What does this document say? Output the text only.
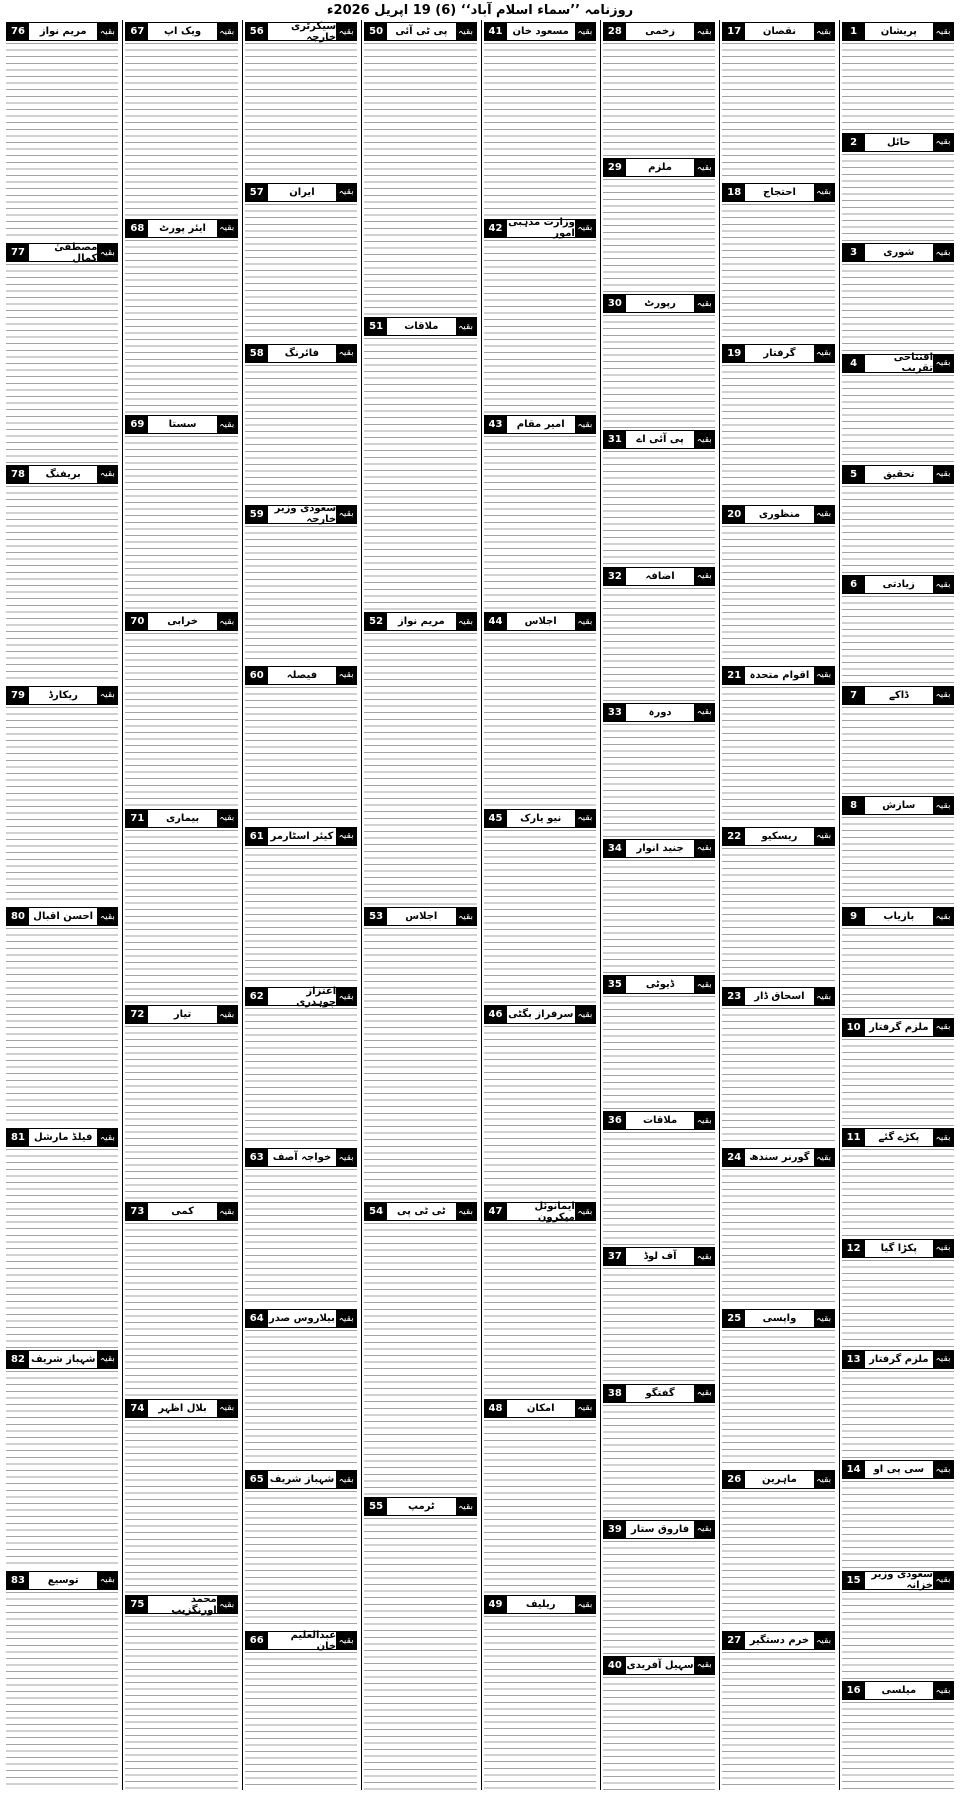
روزنامہ ’’سماء اسلام آباد‘‘ (6) 19 اپریل 2026ء
بقیہ
پریشان
1
بقیہ
حائل
2
بقیہ
شوری
3
بقیہ
افتتاحی تقریب
4
بقیہ
تحقیق
5
بقیہ
زیادتی
6
بقیہ
ڈاکے
7
بقیہ
سازش
8
بقیہ
بازیاب
9
بقیہ
ملزم گرفتار
10
بقیہ
پکڑے گئے
11
بقیہ
پکڑا گیا
12
بقیہ
ملزم گرفتار
13
بقیہ
سی پی او
14
بقیہ
سعودی وزیر خزانہ
15
بقیہ
میلسی
16
بقیہ
نقصان
17
بقیہ
احتجاج
18
بقیہ
گرفتار
19
بقیہ
منظوری
20
بقیہ
اقوام متحدہ
21
بقیہ
ریسکیو
22
بقیہ
اسحاق ڈار
23
بقیہ
گورنر سندھ
24
بقیہ
واپسی
25
بقیہ
ماہرین
26
بقیہ
خرم دستگیر
27
بقیہ
زخمی
28
بقیہ
ملزم
29
بقیہ
رپورٹ
30
بقیہ
پی آئی اے
31
بقیہ
اضافہ
32
بقیہ
دورہ
33
بقیہ
جنید انوار
34
بقیہ
ڈیوٹی
35
بقیہ
ملاقات
36
بقیہ
آف لوڈ
37
بقیہ
گفتگو
38
بقیہ
فاروق ستار
39
بقیہ
سہیل آفریدی
40
بقیہ
مسعود خان
41
بقیہ
وزارت مذہبی امور
42
بقیہ
امیر مقام
43
بقیہ
اجلاس
44
بقیہ
نیو یارک
45
بقیہ
سرفراز بگٹی
46
بقیہ
ایمانوئل میکرون
47
بقیہ
امکان
48
بقیہ
ریلیف
49
بقیہ
پی ٹی آئی
50
بقیہ
ملاقات
51
بقیہ
مریم نواز
52
بقیہ
اجلاس
53
بقیہ
ٹی ٹی پی
54
بقیہ
ٹرمپ
55
بقیہ
سیکرٹری خارجہ
56
بقیہ
ایران
57
بقیہ
فائرنگ
58
بقیہ
سعودی وزیر خارجہ
59
بقیہ
فیصلہ
60
بقیہ
کیئر اسٹارمر
61
بقیہ
اعتزاز چوہدری
62
بقیہ
خواجہ آصف
63
بقیہ
بیلاروس صدر
64
بقیہ
شہباز شریف
65
بقیہ
عبدالعلیم خان
66
بقیہ
ویک اپ
67
بقیہ
ایئر پورٹ
68
بقیہ
سستا
69
بقیہ
خرابی
70
بقیہ
بیماری
71
بقیہ
تیار
72
بقیہ
کمی
73
بقیہ
بلال اظہر
74
بقیہ
محمد اورنگزیب
75
بقیہ
مریم نواز
76
بقیہ
مصطفیٰ کمال
77
بقیہ
بریفنگ
78
بقیہ
ریکارڈ
79
بقیہ
احسن اقبال
80
بقیہ
فیلڈ مارشل
81
بقیہ
شہباز شریف
82
بقیہ
توسیع
83
